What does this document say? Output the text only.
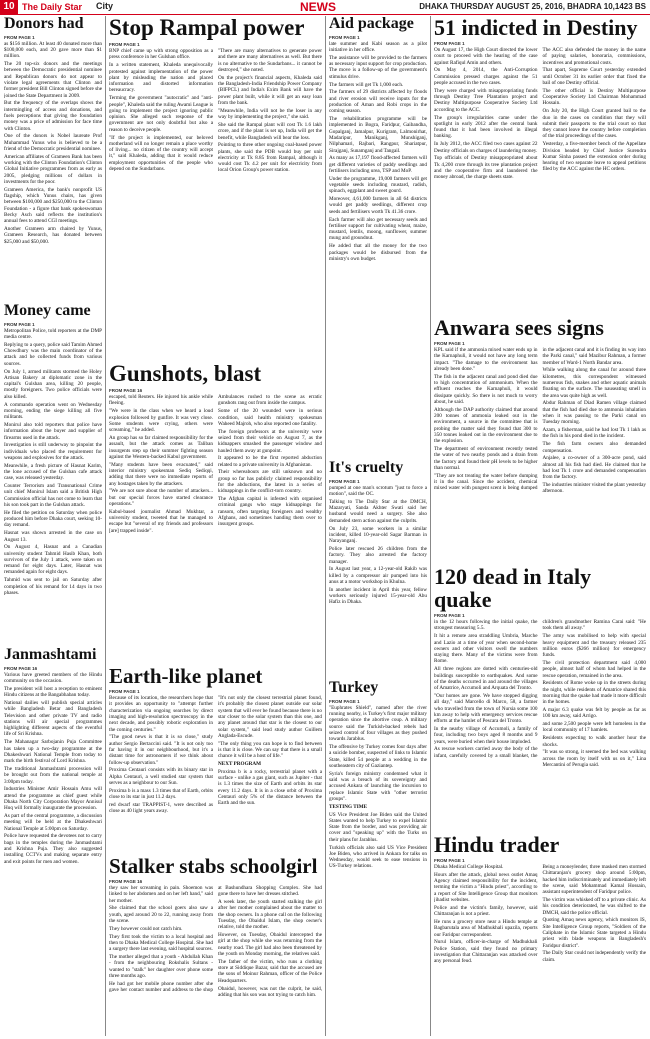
10 The Daily Star City	NEWS	DHAKA THURSDAY AUGUST 25, 2016, BHADRA 10,1423 BS
Donors had
FROM PAGE 1

as $156 million. At least 40 donated more than $100,000 each, and 20 gave more than $1 million.

The 20 top-six donors and the meetings between the Democratic presidential nominee and Republican donors do not appear to violate legal agreements that Clinton and former president Bill Clinton signed before she joined the State Department in 2009.

But the frequency of the overlaps shows the intermingling of access and donations, and fuels perceptions that giving the foundation money was a price of admission for face time with Clinton.

One of the donors is Nobel laureate Prof Muhammad Yunus who is believed to be a friend of the Democratic presidential nominee.

American affiliates of Grameen Bank has been working with the Clinton Foundation's Clinton Global Initiative programmes from as early as 2005, pledging millions of dollars in investments for the poor.

Grameen America, the bank's nonprofit US flagship, which Yunus chairs, has given between $100,000 and $250,000 to the Clinton Foundation - a figure that bank spokeswoman Becky Asch said reflects the institution's annual fees to attend CGI meetings.

Another Grameen arm chaired by Yunus, Grameen Research, has donated between $25,000 and $50,000.

Money came
FROM PAGE 1

Metropolitan Police, told reporters at the DMP media centre.

Replying to a query, police said Tamim Ahmed Chowdhury was the main coordinator of the attack and he collected funds from various sources.

On July 1, armed militants stormed the Holey Artisan Bakery at diplomatic zone in the capital's Gulshan area, killing 20 people, mostly foreigners. Two police officials were also killed.

A commando operation went on Wednesday morning, ending the siege killing all five militants.

Monirul also told reporters that police have information about the buyer and supplier of firearms used in the attack.

Investigation is still underway to pinpoint the individuals who placed the requirement for weapons and explosives for the attack.

Meanwhile, a fresh picture of Hasnat Karim, the lone accused of the Gulshan cafe attack case, was released yesterday.

Counter Terrorism and Transnational Crime unit chief Monirul Islam said a British High Commission official has not come to learn that his son took part in the Gulshan attack.

He filed the petition on Saturday when police produced him before Dhaka court, seeking 10-day remand.

Hasnat was shown arrested in the case on August 13.

On August 4, Hasnat and a Canadian university student Tahmid Hasib Khan, both survivors of the July 1 attack, were taken on remand for eight days. Later, Hasnat was remanded again for eight days.

Tahmid was sent to jail on Saturday after completion of his remand for 14 days in two phases.

Janmashtami
FROM PAGE 16

Various have greeted members of the Hindu community on the occasion.

The president will host a reception to eminent Hindu citizens at the Bangabhaban today.

National dailies will publish special articles while Bangladesh Betar and Bangladesh Television and other private TV and radio stations will air special programmes highlighting different aspects of the eventful life of Sri Krishna.

The Mahanagar Sarbojanin Puja Committee has taken up a two-day programme at the Dhakeshwari National Temple from today to mark the birth festival of Lord Krishna.

The traditional Janmashtami procession will be brought out from the national temple at 3:00pm today.

Industries Minister Amir Hossain Amu will attend the programme as chief guest while Dhaka North City Corporation Mayor Annisul Huq will formally inaugurate the procession.

As part of the central programme, a discussion meeting will be held at the Dhakeshwari National Temple at 5:00pm on Saturday.

Police have requested the devotees not to carry bags in the temples during the Janmashtami and Krishna Puja. They also suggested installing CCTVs and making separate entry and exit points for men and women.

Stop Rampal power
FROM PAGE 1

BNP chief came up with strong opposition as a press conference in her Gulshan office.

In a written statement, Khaleda unequivocally protested against implementation of the power plant by misleading the nation and placed information and distorted information bereaucracy.

Terming the government "autocratic" and "anti-people", Khaleda said the ruling Awami League is going to implement the project ignoring public opinion. She alleged such response of the government are not only doubtful but also a reason to deceive people.

"If the project is implemented, our beloved motherland will no longer remain a place worthy of living... no citizen of the country will accept it," said Khaleda, adding that it would reduce employment opportunities of the people who depend on the Sundarbans.

"There are many alternatives to generate power and there are many alternatives as well. But there is no alternative to the Sundarbans... it cannot be destroyed," she noted.

On the project's financial aspects, Khaleda said the Bangladesh-India Friendship Power Company (BIFPCL) and India's Exim Bank will have the power plant built, while it will get an easy loan from the bank.

"Meanwhile, India will not be the loser in any way by implementing the project," she said.

She said the Rampal plant will cost Tk 1.6 lakh crore, and if the plant is set up, India will get the benefit, while Bangladesh will bear the loss.

Pointing to three other ongoing coal-based power plants, she said the PDB would buy per unit electricity at Tk 8.85 from Rampal, although it would cost Tk 4.2 per unit for electricity from local Orion Group's power station.

Gunshots, blast
FROM PAGE 16

escaped, told Reuters. He injured his ankle while fleeing.

"We were in the class when we heard a loud explosion followed by gunfire. It was very close. Some students were crying, others were screaming," he added.

An group has so far claimed responsibility for the assault, but the attack comes as Taliban insurgents step up their summer fighting season against the Western-backed Kabul government.

"Many students have been evacuated," said interior ministry spokesman Sediq Sediqqi, adding that there were no immediate reports of any hostages taken by the attackers.

"We are not sure about the number of attackers... but our special forces have started clearance operations."

Kabul-based journalist Ahmad Mukhtar, a university student, tweeted that he managed to escape but "several of my friends and professors [are] trapped inside".

Ambulances rushed to the scene as erratic gunshots rang out from inside the campus.

Some of the 20 wounded were in serious condition, said health ministry spokesman Waheed Majroh, who also reported one fatality.

The foreign professors at the university were seized from their vehicle on August 7, as the kidnappers smashed the passenger window and hauled them away at gunpoint.

It appeared to be the first reported abduction related to a private university in Afghanistan.

Their whereabouts are still unknown and no group so far has publicly claimed responsibility for the abductions, the latest in a series of kidnappings in the conflict-torn country.

The Afghan capital is infested with organised criminal gangs who stage kidnappings for ransom, often targeting foreigners and wealthy Afghans, and sometimes handing them over to insurgent groups.

Earth-like planet
FROM PAGE 1

Because of its location, the researchers hope that it provides an opportunity to "attempt further characterization via ongoing searches by direct imaging and high-resolution spectroscopy in the next decade, and possibly robotic exploration in the coming centuries."

"The good news is that it is so close," study author Sergio Bertaccini said. "It is not only too far having it in our neighbourhood, but it's a distant time for astronomers if we think about follow-up observation."

Proxima Centauri consists with its binary star in Alpha Centauri, a well studied star system that serves as a neighbour to our Sun.

Proxima b is a mass 1.3 times that of Earth, orbits close to its star in just 11.2 days.

red dwarf star TRAPPIST-1, were described as close as 40 light years away.

"It's not only the closest terrestrial planet found, it's probably the closest planet outside our solar system that will ever be found because there is no star closer to the solar system than this one, and any planet around that star is the closest to our solar system," said lead study author Guillem Anglada-Escude.

"The only thing you can hope is to find between is that it is close. We can say that there is a small chance it will be a host of life."

NEXT PROGRAM

Proxima b is a rocky, terrestrial planet with a surface - unlike a gas giant, such as Jupiter - that is 1.3 times the size of Earth and orbits its star every 11.2 days. It is in a close orbit of Proxima Centauri only 5% of the distance between the Earth and the sun.

Stalker stabs schoolgirl
FROM PAGE 16

they saw her screaming in pain. Shoemon was linked to her abdomen and on her left hand," said her mother.

She claimed that the school goers also saw a youth, aged around 20 to 22, running away from the scene.

They however could not catch him.

They first took the victim to a local hospital and then to Dhaka Medical College Hospital. She had a surgery there last evening, said hospital sources.

The mother alleged that a youth - Abdullah Khan - from the neighbouring Rokshalis Sultans - wanted to "stalk" her daughter over phone some three months ago.

He had got her mobile phone number after she gave her contact number and address to the shop at Bashundhara Shopping Complex. She had gone there to have her dresses stitched.

A week later, the youth started stalking the girl after her mother complained about the matter to the shop owners. In a phone call on the following Tuesday, the Obaidul Islam, the shop owner's relative, told the mother.

However, on Tuesday, Obaidul intercepted the girl at the shop while she was returning from the nearby road. The girl had also been threatened by the youth on Monday morning, the relatives said.

The father of the victim, who runs a clothing store at Siddique Bazar, said that the accused are the sons of Moinur Rahman, officer of the Police Headquarters.

Obaidul, however, was not the culprit, he said, adding that his son was not trying to catch him.

Aid package
FROM PAGE 1

late summer and Kabi season as a pilot initiative in her office.

The assistance will be provided to the farmers as necessary input support for crop production. The move is a follow-up of the government's stimulus drive.

The farmers will get Tk 1,000 each.

The farmers of 29 districts affected by floods and river erosion will receive inputs for the production of Aman and Robi crops in the coming season.

The rehabilitation programme will be implemented in Bogra, Faridpur, Gaibandha, Gopalganj, Jamalpur, Kurigram, Lalmonirhat, Madaripur, Manikganj, Munshiganj, Nilphamari, Rajbari, Rangpur, Shariatpur, Sirajganj, Sunamganj and Tangail.

As many as 17,197 flood-affected farmers will get different varieties of paddy seedlings and fertilisers including urea, TSP and MoP.

Under the programme, 19,000 farmers will get vegetable seeds including mustard, radish, spinach, eggplant and sweet gourd.

Moreover, 4,61,000 farmers in all 64 districts would get paddy seedlings, different crop seeds and fertilisers worth Tk 41.36 crore.

Each farmer will also get necessary seeds and fertiliser support for cultivating wheat, maize, mustard, lentils, moong, sunflower, summer mung and groundnut.

He added that all the money for the two packages would be disbursed from the ministry's own budget.

It's cruelty
FROM PAGE 1

pumped at one man's scrotum "just to force a motion", said the OC.

Talking to The Daily Star at the DMCH, Mazaryati, Sanda Akhter Swati said her husband would need a surgery. She also demanded stern action against the culprits.

On July 23, some workers in a similar incident, killed 10-year-old Sagar Barman in Narayanganj.

Police later rescued 26 children from the factory. They also arrested the factory manager.

In August last year, a 12-year-old Rakib was killed by a compressor air pumped into his anus at a motor workshop in Khulna.

In another incident in April this year, fellow workers seriously injured 15-year-old Abu Hafiz in Dhaka.

Turkey
FROM PAGE 1

"Euphrates Shield", named after the river running nearby, is Turkey's first major military operation since the abortive coup. A military source said the Turkish-backed rebels had seized control of four villages as they pushed towards Jarablus.

The offensive by Turkey comes four days after a suicide bomber, suspected of links to Islamic State, killed 54 people at a wedding in the southeastern city of Gaziantep.

Syria's foreign ministry condemned what it said was a breach of its sovereignty and accused Ankara of launching the incursion to replace Islamic State with "other terrorist groups".

TESTING TIME

US Vice President Joe Biden said the United States wanted to help Turkey to expel Islamic State from the border, and was providing air cover and "speaking up" with the Turks on their plans for Jarablus.

Turkish officials also said US Vice President Joe Biden, who arrived in Ankara for talks on Wednesday, would seek to ease tensions in US-Turkey relations.

51 indicted in Destiny
FROM PAGE 1

On August 17, the High Court directed the lower court to proceed with the hearing of the case against Rafiqul Amin and others.

On May 4, 2014, the Anti-Corruption Commission pressed charges against the 51 people accused in the two cases.

They were charged with misappropriating funds through Destiny Tree Plantation project and Destiny Multipurpose Cooperative Society Ltd according to the ACC.

The group's irregularities came under the spotlight in early 2012 after the central bank found that it had been involved in illegal banking.

In July 2012, the ACC filed two cases against 22 Destiny officials on charges of laundering money.

Top officials of Destiny misappropriated about Tk 4,200 crore through its tree plantation project and the cooperative firm and laundered the money abroad, the charge sheets state.

The ACC also defended the money in the name of paying salaries, honoraria, commissions, incentives and promotional costs.

That apart, Supreme Court yesterday extended until October 31 its earlier order that fixed the bail of one Destiny official.

The other official is Destiny Multipurpose Cooperative Society Ltd Chairman Mohammad Hossain.

On July 20, the High Court granted bail to the duo in the cases on condition that they will submit their passports to the trial court so that they cannot leave the country before completion of the trial proceedings of the cases.

Yesterday, a five-member bench of the Appellate Division headed by Chief Justice Surendra Kumar Sinha passed the extension order during hearing of two separate leave to appeal petitions filed by the ACC against the HC orders.

Anwara sees signs
FROM PAGE 1

KPL said if the ammonia mixed water ends up in the Karnaphuli, it would not have any long term impact. "The damage to the environment has already been done."

The fish in the adjacent canal and pond died due to high concentration of ammonium. When the effluent reaches the Karnaphuli, it would dissipate quickly. So there is not much to worry about, he said.

Although the DAP authority claimed that around 200 tonnes of ammonia leaked out in the environment, a source in the committee that is probing the matter said they found that 300 to 350 tonnes leaked out in the environment due to the explosion.

The department of environment recently tested the water of two nearby ponds and a drain from the factory and found their pH levels to be higher than normal.

"They are not treating the water before dumping it in the canal. Since the accident, chemical mixed water with pungent scent is being dumped in the adjacent canal and it is finding its way into the Parki canal," said Mazibur Rahman, a former member of Ward-1 North Bandar area.

While walking along the canal for around three kilometres, this correspondent witnessed numerous fish, snakes and other aquatic animals floating on the surface. The nauseating smell in the area was quite high as well.

Abdur Rahman of Diad Ramen village claimed that the fish had died due to ammonia inhalation when it was passing to the Parki canal on Tuesday morning.

Azam, a fisherman, said he had lost Tk 1 lakh as the fish in his pond died in the incident.

The fish farm owners also demanded compensation.

Anjalee, a co-owner of a 300-acre pond, said almost all his fish had died. He claimed that he had lost Tk 1 crore and demanded compensation from the factory.

The industries minister visited the plant yesterday afternoon.

120 dead in Italy quake
FROM PAGE 1

in the 12 hours following the initial quake, the strongest measuring 5.5.

It hit a remote area straddling Umbria, Marche and Lazio at a time of year when second-home owners and other visitors swell the numbers staying there. Many of the victims were from Rome.

All three regions are dotted with centuries-old buildings susceptible to earthquakes. And some of the deaths occurred in and around the villages of Amatrice, Accumoli and Arquata del Tronto.

"Our homes are gone. We have stopped digging all day," said Marcello di Marco, 58, a farmer who travelled from the town of Nursia some 100 km away to help with emergency services rescue efforts at the hamlet of Pescara del Tronto.

In the nearby village of Accumoli, a family of four, including two boys aged 8 months and 9 years, were buried when their house imploded.

As rescue workers carried away the body of the infant, carefully covered by a small blanket, the children's grandmother Ramina Carai said: "He took them all away."

The army was mobilised to help with special heavy equipment and the treasury released 235 million euros ($266 million) for emergency funds.

The civil protection department said 4,000 people, almost half of whom had helped in the rescue operation, remained in the area.

Residents of Rome woke up in the streets during the night, while residents of Amatrice shared this morning that the quake had made it more difficult in the homes.

A major 6.3 quake was felt by people as far as 100 km away, said Arrigo.

and some 2,500 people were left homeless in the local community of 17 hamlets.

Residents expecting to walk another hour the shocks.

"It was so strong, it seemed the bed was walking across the room by itself with us on it," Lina Mercantini of Perugia said.

Hindu trader
FROM PAGE 1

Dhaka Medical College Hospital.

Hours after the attack, global news outlet Amaq Agency claimed responsibility for the incident, terming the victim a "Hindu priest", according to a report of Site Intelligence Group that monitors jihadist websites.

Police and the victim's family, however, said Chittaranjan is not a priest.

He runs a grocery store near a Hindu temple at Bagbarutala area of Madhukhali upazila, reports our Faridpur correspondent.

Nurul Islam, officer-in-charge of Madhukhali Police Station, said they found no primary investigation that Chittaranjan was attacked over any personal feud.

Being a moneylender, three masked men stormed Chittaranjan's grocery shop around 5:00pm, hacked him indiscriminately and immediately left the scene, said Mohammad Kamal Hossain, assistant superintendent of Faridpur police.

The victim was whisked off to a private clinic. As his condition deteriorated, he was shifted to the DMCH, said the police official.

Quoting Amaq news agency, which monitors IS, Site Intelligence Group reports, "Soldiers of the Caliphate in the Islamic State targeted a Hindu priest with blade weapons in Bangladesh's Faridpur district".

The Daily Star could not independently verify the claim.
